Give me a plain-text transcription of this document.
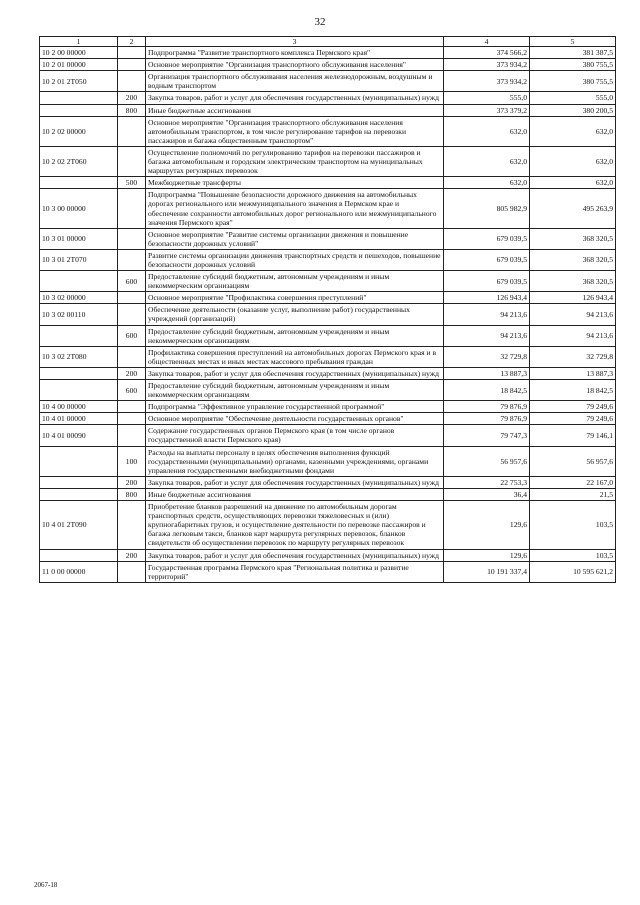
32
1	2	3	4	5
10 2 00 00000		Подпрограмма "Развитие транспортного комплекса Пермского края"	374 566,2	381 387,5
10 2 01 00000		Основное мероприятие "Организация транспортного обслуживания населения"	373 934,2	380 755,5
10 2 01 2Т050		Организация транспортного обслуживания населения железнодорожным, воздушным и водным транспортом	373 934,2	380 755,5
	200	Закупка товаров, работ и услуг для обеспечения государственных (муниципальных) нужд	555,0	555,0
	800	Иные бюджетные ассигнования	373 379,2	380 200,5
10 2 02 00000		Основное мероприятие "Организация транспортного обслуживания населения автомобильным транспортом, в том числе регулирование тарифов на перевозки пассажиров и багажа общественным транспортом"	632,0	632,0
10 2 02 2Т060		Осуществление полномочий по регулированию тарифов на перевозки пассажиров и багажа автомобильным и городским электрическим транспортом на муниципальных маршрутах регулярных перевозок	632,0	632,0
	500	Межбюджетные трансферты	632,0	632,0
10 3 00 00000		Подпрограмма "Повышение безопасности дорожного движения на автомобильных дорогах регионального или межмуниципального значения в Пермском крае и обеспечение сохранности автомобильных дорог регионального или межмуниципального значения Пермского края"	805 982,9	495 263,9
10 3 01 00000		Основное мероприятие "Развитие системы организации движения и повышение безопасности дорожных условий"	679 039,5	368 320,5
10 3 01 2Т070		Развитие системы организации движения транспортных средств и пешеходов, повышение безопасности дорожных условий	679 039,5	368 320,5
	600	Предоставление субсидий бюджетным, автономным учреждениям и иным некоммерческим организациям	679 039,5	368 320,5
10 3 02 00000		Основное мероприятие "Профилактика совершения преступлений"	126 943,4	126 943,4
10 3 02 00110		Обеспечение деятельности (оказание услуг, выполнение работ) государственных учреждений (организаций)	94 213,6	94 213,6
	600	Предоставление субсидий бюджетным, автономным учреждениям и иным некоммерческим организациям	94 213,6	94 213,6
10 3 02 2Т080		Профилактика совершения преступлений на автомобильных дорогах Пермского края и в общественных местах и иных местах массового пребывания граждан	32 729,8	32 729,8
	200	Закупка товаров, работ и услуг для обеспечения государственных (муниципальных) нужд	13 887,3	13 887,3
	600	Предоставление субсидий бюджетным, автономным учреждениям и иным некоммерческим организациям	18 842,5	18 842,5
10 4 00 00000		Подпрограмма "Эффективное управление государственной программой"	79 876,9	79 249,6
10 4 01 00000		Основное мероприятие "Обеспечение деятельности государственных органов"	79 876,9	79 249,6
10 4 01 00090		Содержание государственных органов Пермского края (в том числе органов государственной власти Пермского края)	79 747,3	79 146,1
	100	Расходы на выплаты персоналу в целях обеспечения выполнения функций государственными (муниципальными) органами, казенными учреждениями, органами управления государственными внебюджетными фондами	56 957,6	56 957,6
	200	Закупка товаров, работ и услуг для обеспечения государственных (муниципальных) нужд	22 753,3	22 167,0
	800	Иные бюджетные ассигнования	36,4	21,5
10 4 01 2Т090		Приобретение бланков разрешений на движение по автомобильным дорогам транспортных средств, осуществляющих перевозки тяжеловесных и (или) крупногабаритных грузов, и осуществление деятельности по перевозке пассажиров и багажа легковым такси, бланков карт маршрута регулярных перевозок, бланков свидетельств об осуществлении перевозок по маршруту регулярных перевозок	129,6	103,5
	200	Закупка товаров, работ и услуг для обеспечения государственных (муниципальных) нужд	129,6	103,5
11 0 00 00000		Государственная программа Пермского края "Региональная политика и развитие территорий"	10 191 337,4	10 595 621,2
2067-18
